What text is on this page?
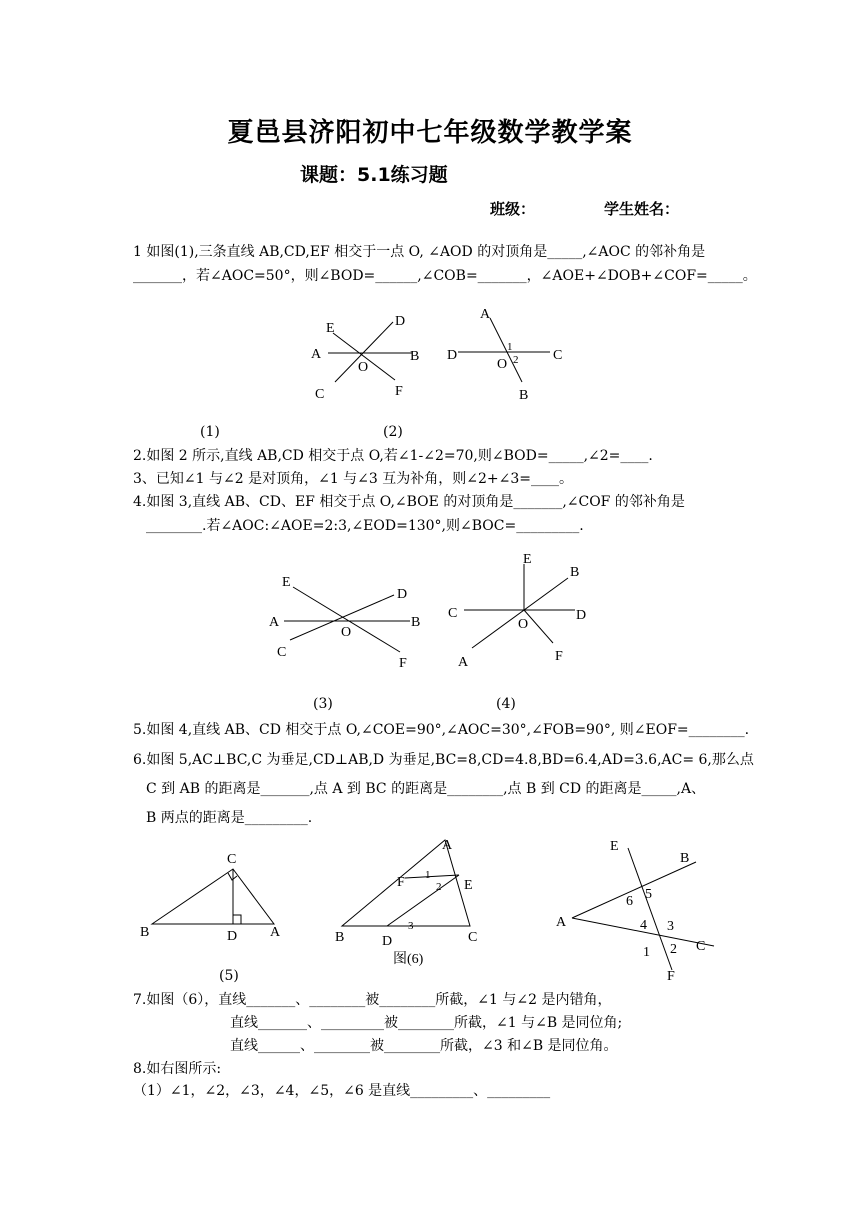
夏邑县济阳初中七年级数学教学案
课题：5.1练习题
班级：	学生姓名：
1 如图(1),三条直线 AB,CD,EF 相交于一点 O, ∠AOD 的对顶角是_____,∠AOC 的邻补角是
_______，若∠AOC=50°，则∠BOD=______,∠COB=_______，∠AOE+∠DOB+∠COF=_____。
E	D
A	B
O
C	F
A
D	C
O
B
1
2
(1)	(2)
2.如图 2 所示,直线 AB,CD 相交于点 O,若∠1-∠2=70,则∠BOD=_____,∠2=____.
3、已知∠1 与∠2 是对顶角，∠1 与∠3 互为补角，则∠2+∠3=____。
4.如图 3,直线 AB、CD、EF 相交于点 O,∠BOE 的对顶角是_______,∠COF 的邻补角是
________.若∠AOC:∠AOE=2:3,∠EOD=130°,则∠BOC=_________.
E
D
A	B
O
C
F
E
B
C	D
O
A	F
(3)	(4)
5.如图 4,直线 AB、CD 相交于点 O,∠COE=90°,∠AOC=30°,∠FOB=90°, 则∠EOF=________.
6.如图 5,AC⊥BC,C 为垂足,CD⊥AB,D 为垂足,BC=8,CD=4.8,BD=6.4,AD=3.6,AC= 6,那么点
C 到 AB 的距离是_______,点 A 到 BC 的距离是________,点 B 到 CD 的距离是_____,A、
B 两点的距离是_________.
C
B	D A
A
F	E
B	D	C
1
2
3
图(6)
E
B
A
C
F
5
6
4 3
1 2
(5)
7.如图（6），直线_______、________被________所截，∠1 与∠2 是内错角，
直线_______、_________被________所截，∠1 与∠B 是同位角;
直线______、________被________所截，∠3 和∠B 是同位角。
8.如右图所示:
（1）∠1，∠2，∠3，∠4，∠5，∠6 是直线_________、_________
